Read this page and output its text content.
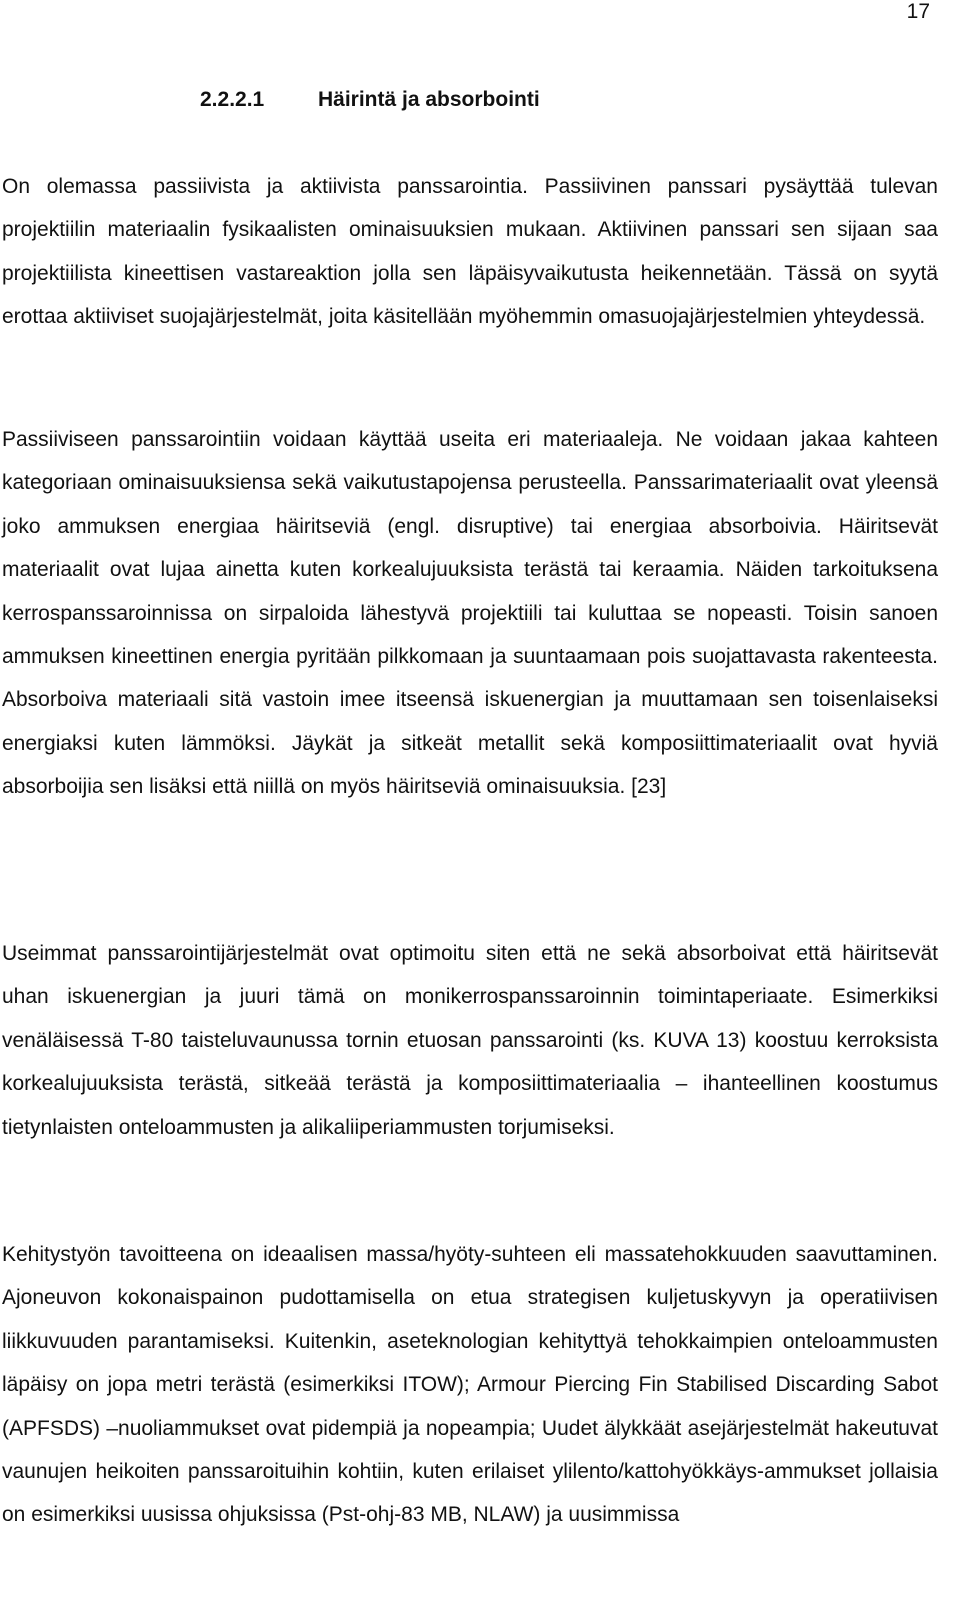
17
2.2.2.1	Häirintä ja absorbointi

On olemassa passiivista ja aktiivista panssarointia. Passiivinen panssari pysäyttää tulevan projektiilin materiaalin fysikaalisten ominaisuuksien mukaan. Aktiivinen panssari sen sijaan saa projektiilista kineettisen vastareaktion jolla sen läpäisyvaikutusta heikennetään. Tässä on syytä erottaa aktiiviset suojajärjestelmät, joita käsitellään myöhemmin omasuojajärjestelmien yhteydessä.

Passiiviseen panssarointiin voidaan käyttää useita eri materiaaleja. Ne voidaan jakaa kahteen kategoriaan ominaisuuksiensa sekä vaikutustapojensa perusteella. Panssarimateriaalit ovat yleensä joko ammuksen energiaa häiritseviä (engl. disruptive) tai energiaa absorboivia. Häiritsevät materiaalit ovat lujaa ainetta kuten korkealujuuksista terästä tai keraamia. Näiden tarkoituksena kerrospanssaroinnissa on sirpaloida lähestyvä projektiili tai kuluttaa se nopeasti. Toisin sanoen ammuksen kineettinen energia pyritään pilkkomaan ja suuntaamaan pois suojattavasta rakenteesta. Absorboiva materiaali sitä vastoin imee itseensä iskuenergian ja muuttamaan sen toisenlaiseksi energiaksi kuten lämmöksi. Jäykät ja sitkeät metallit sekä komposiittimateriaalit ovat hyviä absorboijia sen lisäksi että niillä on myös häiritseviä ominaisuuksia. [23]

Useimmat panssarointijärjestelmät ovat optimoitu siten että ne sekä absorboivat että häiritsevät uhan iskuenergian ja juuri tämä on monikerrospanssaroinnin toimintaperiaate. Esimerkiksi venäläisessä T-80 taisteluvaunussa tornin etuosan panssarointi (ks. KUVA 13) koostuu kerroksista korkealujuuksista terästä, sitkeää terästä ja komposiittimateriaalia – ihanteellinen koostumus tietynlaisten onteloammusten ja alikaliiperiammusten torjumiseksi.

Kehitystyön tavoitteena on ideaalisen massa/hyöty-suhteen eli massatehokkuuden saavuttaminen. Ajoneuvon kokonaispainon pudottamisella on etua strategisen kuljetuskyvyn ja operatiivisen liikkuvuuden parantamiseksi. Kuitenkin, aseteknologian kehityttyä tehokkaimpien onteloammusten läpäisy on jopa metri terästä (esimerkiksi ITOW); Armour Piercing Fin Stabilised Discarding Sabot (APFSDS) –nuoliammukset ovat pidempiä ja nopeampia; Uudet älykkäät asejärjestelmät hakeutuvat vaunujen heikoiten panssaroituihin kohtiin, kuten erilaiset ylilento/kattohyökkäys-ammukset jollaisia on esimerkiksi uusissa ohjuksissa (Pst-ohj-83 MB, NLAW) ja uusimmissa
